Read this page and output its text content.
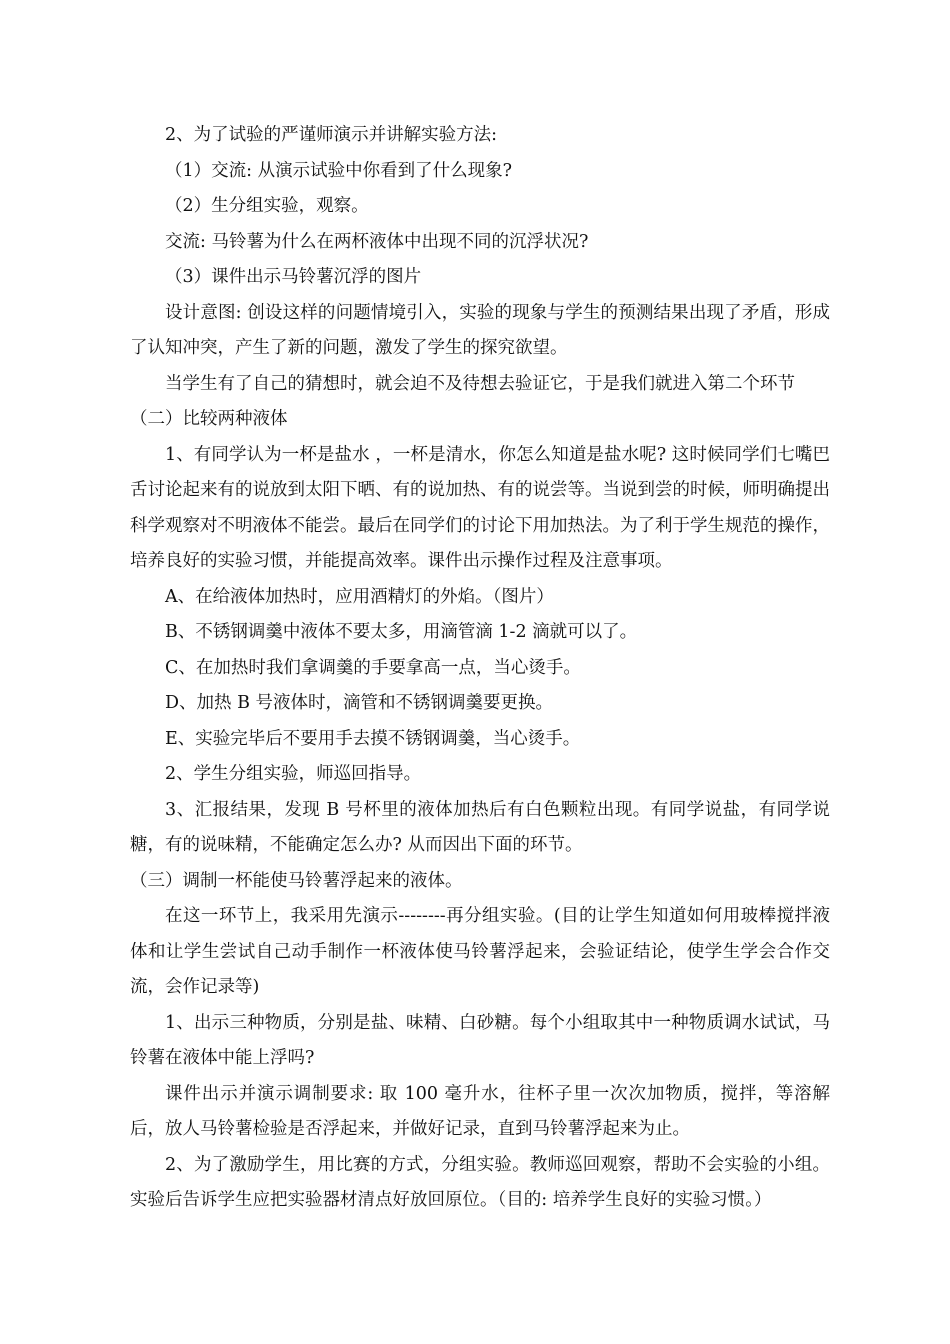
2、为了试验的严谨师演示并讲解实验方法:

（1）交流: 从演示试验中你看到了什么现象?

（2）生分组实验，观察。

交流: 马铃薯为什么在两杯液体中出现不同的沉浮状况?

（3）课件出示马铃薯沉浮的图片

设计意图: 创设这样的问题情境引入，实验的现象与学生的预测结果出现了矛盾，形成了认知冲突，产生了新的问题，激发了学生的探究欲望。

当学生有了自己的猜想时，就会迫不及待想去验证它，于是我们就进入第二个环节

（二）比较两种液体

1、有同学认为一杯是盐水 ，一杯是清水，你怎么知道是盐水呢? 这时候同学们七嘴巴舌讨论起来有的说放到太阳下晒、有的说加热、有的说尝等。当说到尝的时候，师明确提出科学观察对不明液体不能尝。最后在同学们的讨论下用加热法。为了利于学生规范的操作，培养良好的实验习惯，并能提高效率。课件出示操作过程及注意事项。

A、在给液体加热时，应用酒精灯的外焰。（图片）

B、不锈钢调羹中液体不要太多，用滴管滴 1-2 滴就可以了。

C、在加热时我们拿调羹的手要拿高一点，当心烫手。

D、加热 B 号液体时，滴管和不锈钢调羹要更换。

E、实验完毕后不要用手去摸不锈钢调羹，当心烫手。

2、学生分组实验，师巡回指导。

3、汇报结果，发现 B 号杯里的液体加热后有白色颗粒出现。有同学说盐，有同学说糖，有的说味精，不能确定怎么办? 从而因出下面的环节。

（三）调制一杯能使马铃薯浮起来的液体。

在这一环节上，我采用先演示--------再分组实验。(目的让学生知道如何用玻棒搅拌液体和让学生尝试自己动手制作一杯液体使马铃薯浮起来，会验证结论，使学生学会合作交流，会作记录等)

1、出示三种物质，分别是盐、味精、白砂糖。每个小组取其中一种物质调水试试，马铃薯在液体中能上浮吗?

课件出示并演示调制要求: 取 100 毫升水，往杯子里一次次加物质，搅拌，等溶解后，放人马铃薯检验是否浮起来，并做好记录，直到马铃薯浮起来为止。

2、为了激励学生，用比赛的方式，分组实验。教师巡回观察，帮助不会实验的小组。实验后告诉学生应把实验器材清点好放回原位。（目的: 培养学生良好的实验习惯。）
